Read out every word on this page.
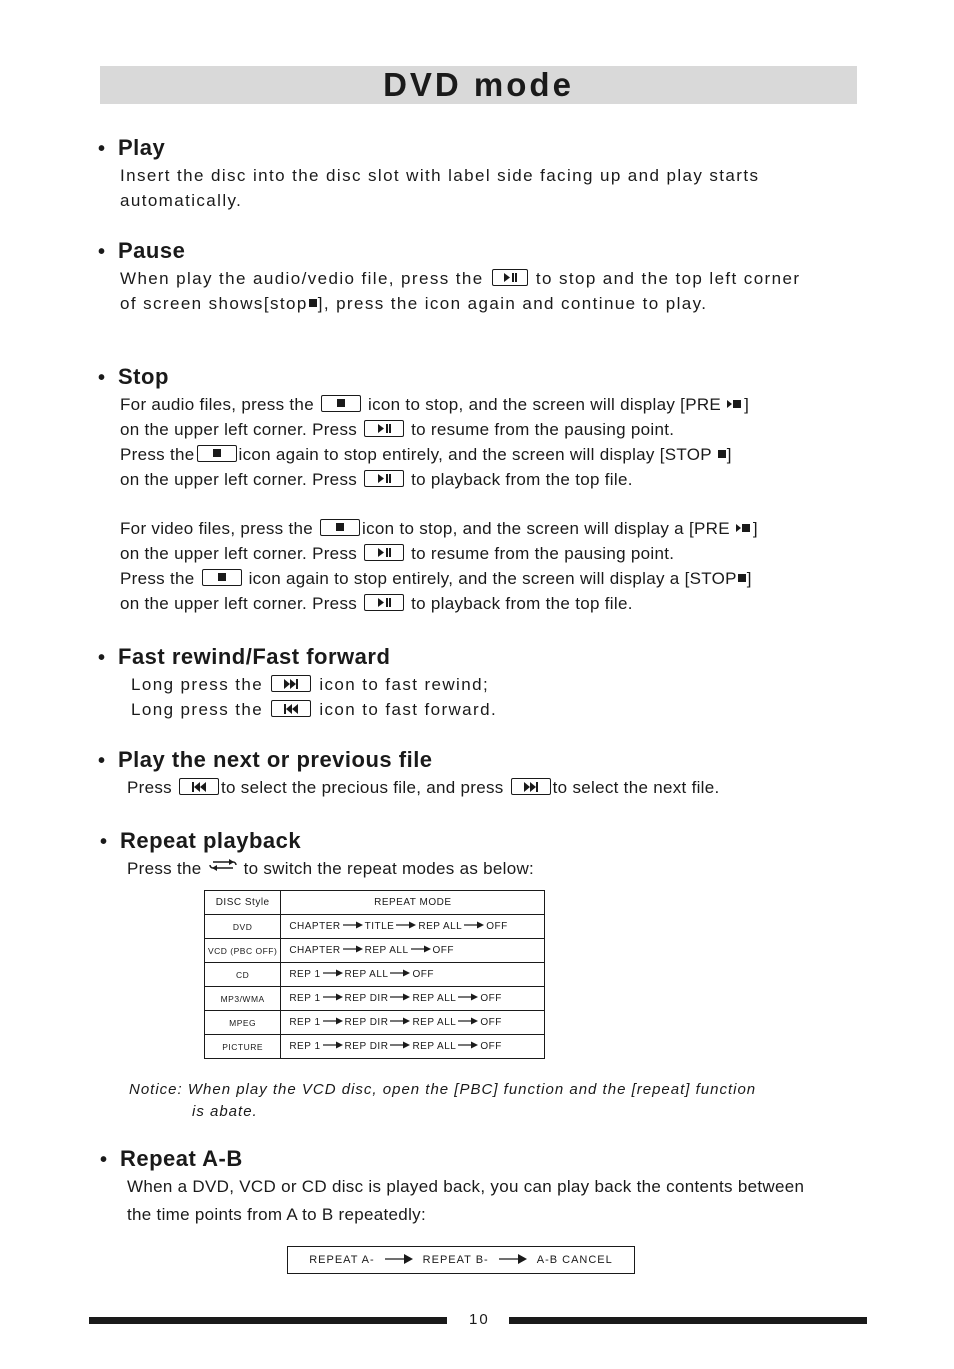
DVD mode
• Play
Insert the disc into the disc slot with label side facing up and play starts
automatically.
• Pause
When play the audio/vedio file, press the	to stop and the top left corner
of screen shows[stop ], press the icon again and continue to play.
• Stop
For audio files, press the	icon to stop, and the screen will display [PRE ]
on the upper left corner. Press	to resume from the pausing point.
Press the	icon again to stop entirely, and the screen will display [STOP ]
on the upper left corner. Press	to playback from the top file.
For video files, press the	icon to stop, and the screen will display a [PRE ]
on the upper left corner. Press	to resume from the pausing point.
Press the	icon again to stop entirely, and the screen will display a [STOP ]
on the upper left corner. Press	to playback from the top file.
• Fast rewind/Fast forward
Long press the	icon to fast rewind;
Long press the	icon to fast forward.
• Play the next or previous file
Press	to select the precious file, and press	to select the next file.
• Repeat playback
Press the to switch the repeat modes as below:
DISC Style	REPEAT MODE
DVD	CHAPTER TITLE REP ALL OFF
VCD (PBC OFF)	CHAPTER REP ALL OFF
CD	REP 1 REP ALL OFF
MP3/WMA	REP 1 REP DIR REP ALL OFF
MPEG	REP 1 REP DIR REP ALL OFF
PICTURE	REP 1 REP DIR REP ALL OFF
Notice: When play the VCD disc, open the [PBC] function and the [repeat] function
is abate.
• Repeat A-B
When a DVD, VCD or CD disc is played back, you can play back the contents between
the time points from A to B repeatedly:
REPEAT A-	REPEAT B-	A-B CANCEL
10
